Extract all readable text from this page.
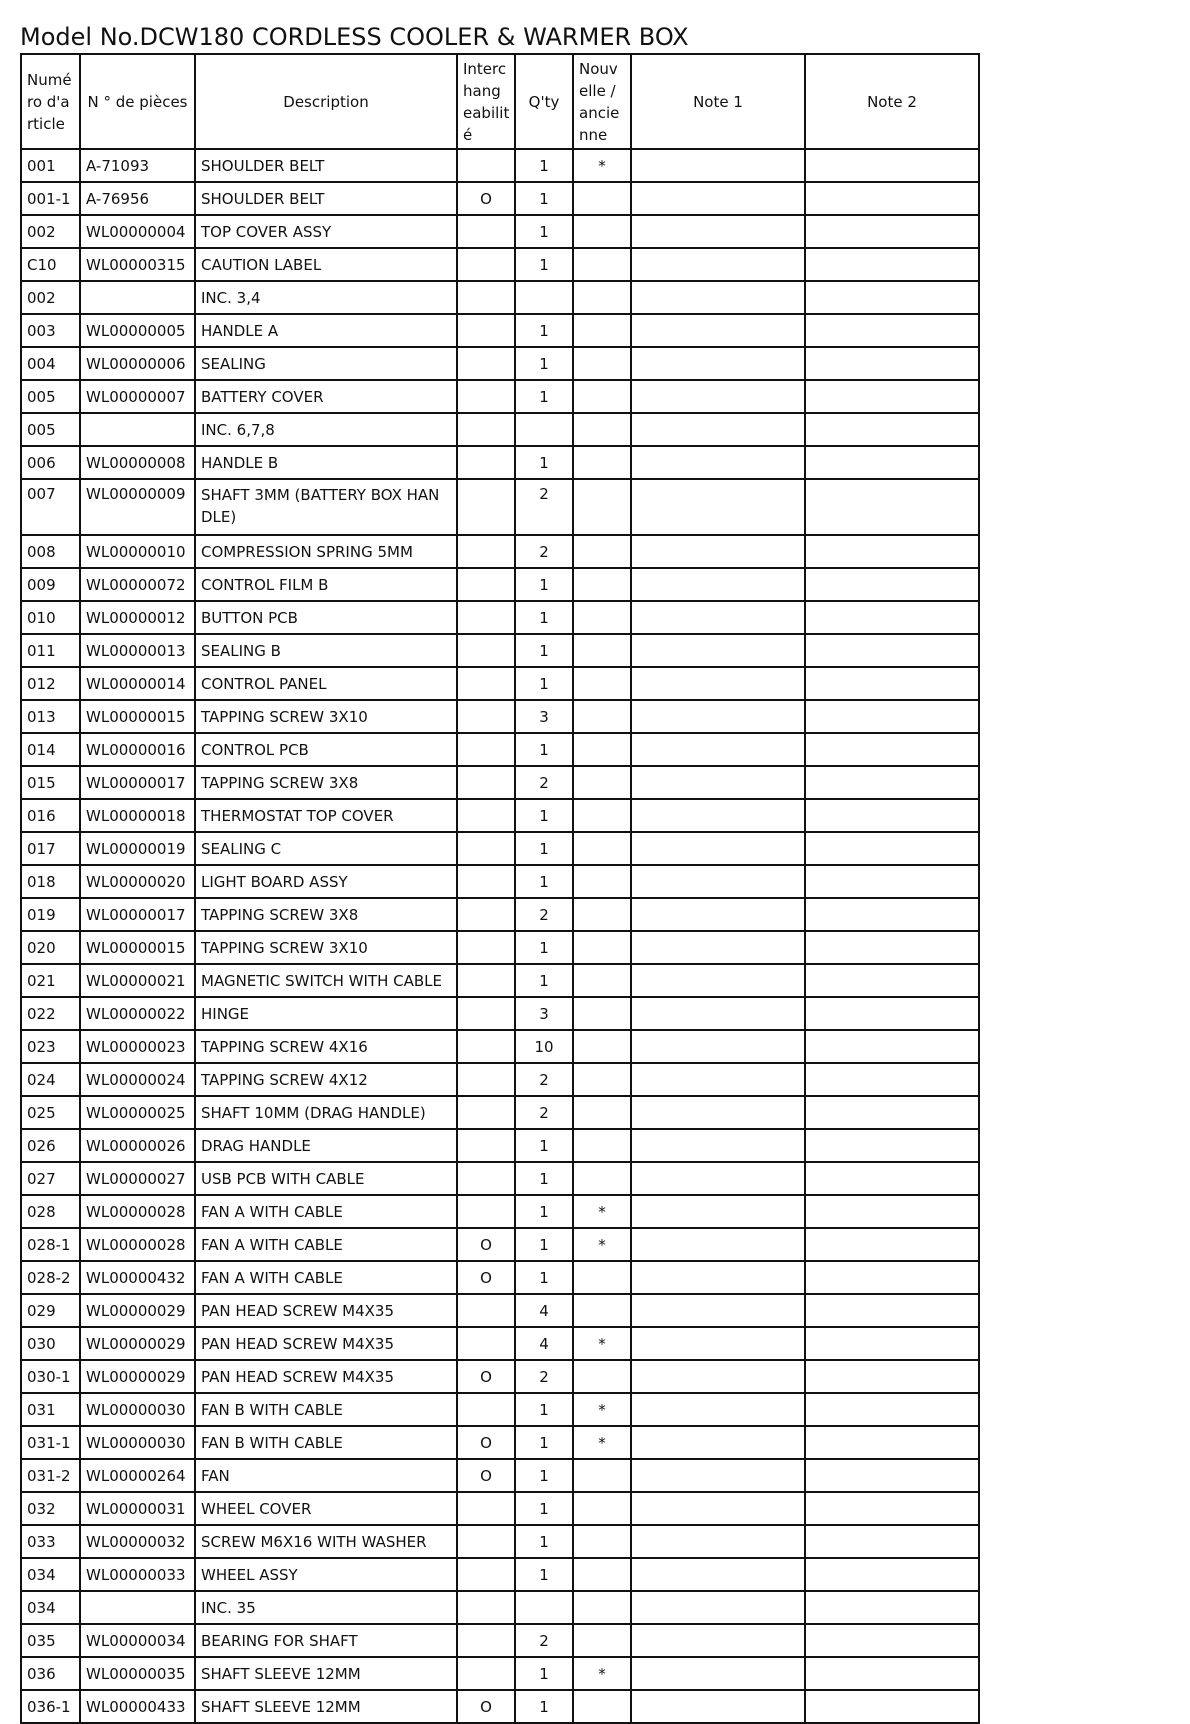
Model No.DCW180 CORDLESS COOLER & WARMER BOX
Numé ro d'a rticle	N ° de pièces	Description	Interc hang eabilit é	Q'ty	Nouv elle / ancie nne	Note 1	Note 2
001	A-71093	SHOULDER BELT		1	*		
001-1	A-76956	SHOULDER BELT	O	1			
002	WL00000004	TOP COVER ASSY		1			
C10	WL00000315	CAUTION LABEL		1			
002		INC. 3,4					
003	WL00000005	HANDLE A		1			
004	WL00000006	SEALING		1			
005	WL00000007	BATTERY COVER		1			
005		INC. 6,7,8					
006	WL00000008	HANDLE B		1			
007	WL00000009	SHAFT 3MM (BATTERY BOX HAN DLE)		2			
008	WL00000010	COMPRESSION SPRING 5MM		2			
009	WL00000072	CONTROL FILM B		1			
010	WL00000012	BUTTON PCB		1			
011	WL00000013	SEALING B		1			
012	WL00000014	CONTROL PANEL		1			
013	WL00000015	TAPPING SCREW 3X10		3			
014	WL00000016	CONTROL PCB		1			
015	WL00000017	TAPPING SCREW 3X8		2			
016	WL00000018	THERMOSTAT TOP COVER		1			
017	WL00000019	SEALING C		1			
018	WL00000020	LIGHT BOARD ASSY		1			
019	WL00000017	TAPPING SCREW 3X8		2			
020	WL00000015	TAPPING SCREW 3X10		1			
021	WL00000021	MAGNETIC SWITCH WITH CABLE		1			
022	WL00000022	HINGE		3			
023	WL00000023	TAPPING SCREW 4X16		10			
024	WL00000024	TAPPING SCREW 4X12		2			
025	WL00000025	SHAFT 10MM (DRAG HANDLE)		2			
026	WL00000026	DRAG HANDLE		1			
027	WL00000027	USB PCB WITH CABLE		1			
028	WL00000028	FAN A WITH CABLE		1	*		
028-1	WL00000028	FAN A WITH CABLE	O	1	*		
028-2	WL00000432	FAN A WITH CABLE	O	1			
029	WL00000029	PAN HEAD SCREW M4X35		4			
030	WL00000029	PAN HEAD SCREW M4X35		4	*		
030-1	WL00000029	PAN HEAD SCREW M4X35	O	2			
031	WL00000030	FAN B WITH CABLE		1	*		
031-1	WL00000030	FAN B WITH CABLE	O	1	*		
031-2	WL00000264	FAN	O	1			
032	WL00000031	WHEEL COVER		1			
033	WL00000032	SCREW M6X16 WITH WASHER		1			
034	WL00000033	WHEEL ASSY		1			
034		INC. 35					
035	WL00000034	BEARING FOR SHAFT		2			
036	WL00000035	SHAFT SLEEVE 12MM		1	*		
036-1	WL00000433	SHAFT SLEEVE 12MM	O	1			
